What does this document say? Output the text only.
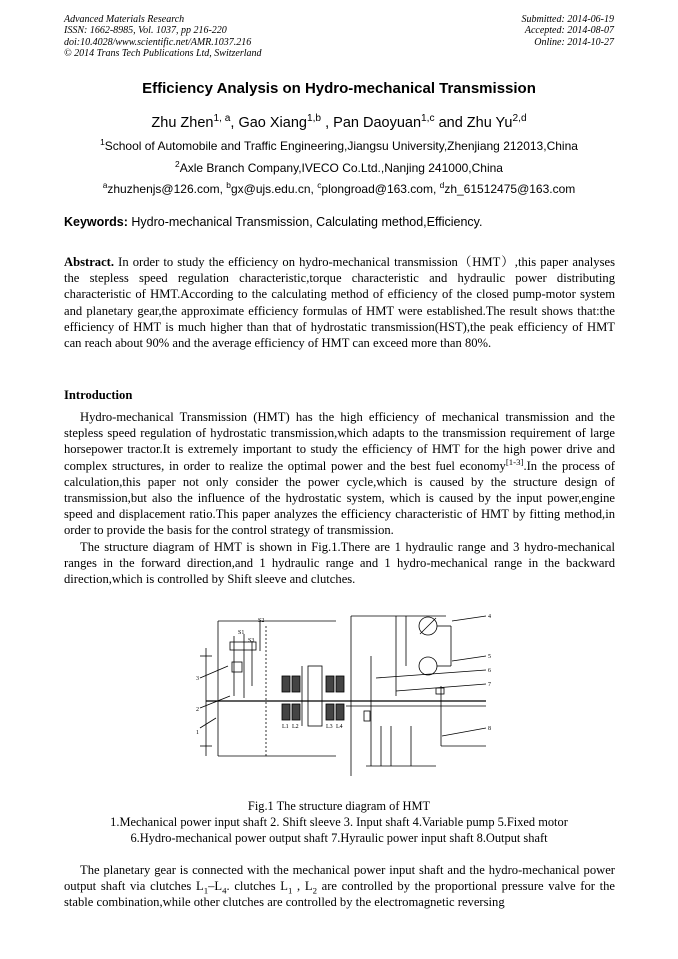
Advanced Materials Research
ISSN: 1662-8985, Vol. 1037, pp 216-220
doi:10.4028/www.scientific.net/AMR.1037.216
© 2014 Trans Tech Publications Ltd, Switzerland
Submitted: 2014-06-19
Accepted: 2014-08-07
Online: 2014-10-27
Efficiency Analysis on Hydro-mechanical Transmission
Zhu Zhen$^{1, a}$, Gao Xiang$^{1,b}$ , Pan Daoyuan$^{1,c}$ and Zhu Yu$^{2,d}$
$^1$School of Automobile and Traffic Engineering,Jiangsu University,Zhenjiang 212013,China
$^2$Axle Branch Company,IVECO Co.Ltd.,Nanjing 241000,China
$^a$zhuzhenjs@126.com, $^b$gx@ujs.edu.cn, $^c$plongroad@163.com, $^d$zh_61512475@163.com
Keywords: Hydro-mechanical Transmission, Calculating method,Efficiency.

Abstract. In order to study the efficiency on hydro-mechanical transmission（HMT）,this paper analyses the stepless speed regulation characteristic,torque characteristic and hydraulic power distributing characteristic of HMT.According to the calculating method of efficiency of the closed pump-motor system and planetary gear,the approximate efficiency formulas of HMT were established.The result shows that:the efficiency of HMT is much higher than that of hydrostatic transmission(HST),the peak efficiency of HMT can reach about 90% and the average efficiency of HMT can exceed more than 80%.

Introduction

Hydro-mechanical Transmission (HMT) has the high efficiency of mechanical transmission and the stepless speed regulation of hydrostatic transmission,which adapts to the transmission requirement of large horsepower tractor.It is extremely important to study the efficiency of HMT for the high power drive and complex structures, in order to realize the optimal power and the best fuel economy[1-3].In the process of calculation,this paper not only consider the power cycle,which is caused by the structure design of transmission,but also the influence of the hydrostatic system, which is caused by the input power,engine speed and displacement ratio.This paper analyzes the efficiency characteristic of HMT by fitting method,in order to provide the basis for the control strategy of transmission.

The structure diagram of HMT is shown in Fig.1.There are 1 hydraulic range and 3 hydro-mechanical ranges in the forward direction,and 1 hydraulic range and 1 hydro-mechanical range in the backward direction,which is controlled by Shift sleeve and clutches.

S1
S2
S3
1
2
3
4
5
6
7
8
L1 L2	L3 L4
Fig.1 The structure diagram of HMT
1.Mechanical power input shaft 2. Shift sleeve 3. Input shaft 4.Variable pump 5.Fixed motor
6.Hydro-mechanical power output shaft 7.Hyraulic power input shaft 8.Output shaft

The planetary gear is connected with the mechanical power input shaft and the hydro-mechanical power output shaft via clutches $L_1-L_4$. clutches $L_1$ , $L_2$ are controlled by the proportional pressure valve for the stable combination,while other clutches are controlled by the electromagnetic reversing
